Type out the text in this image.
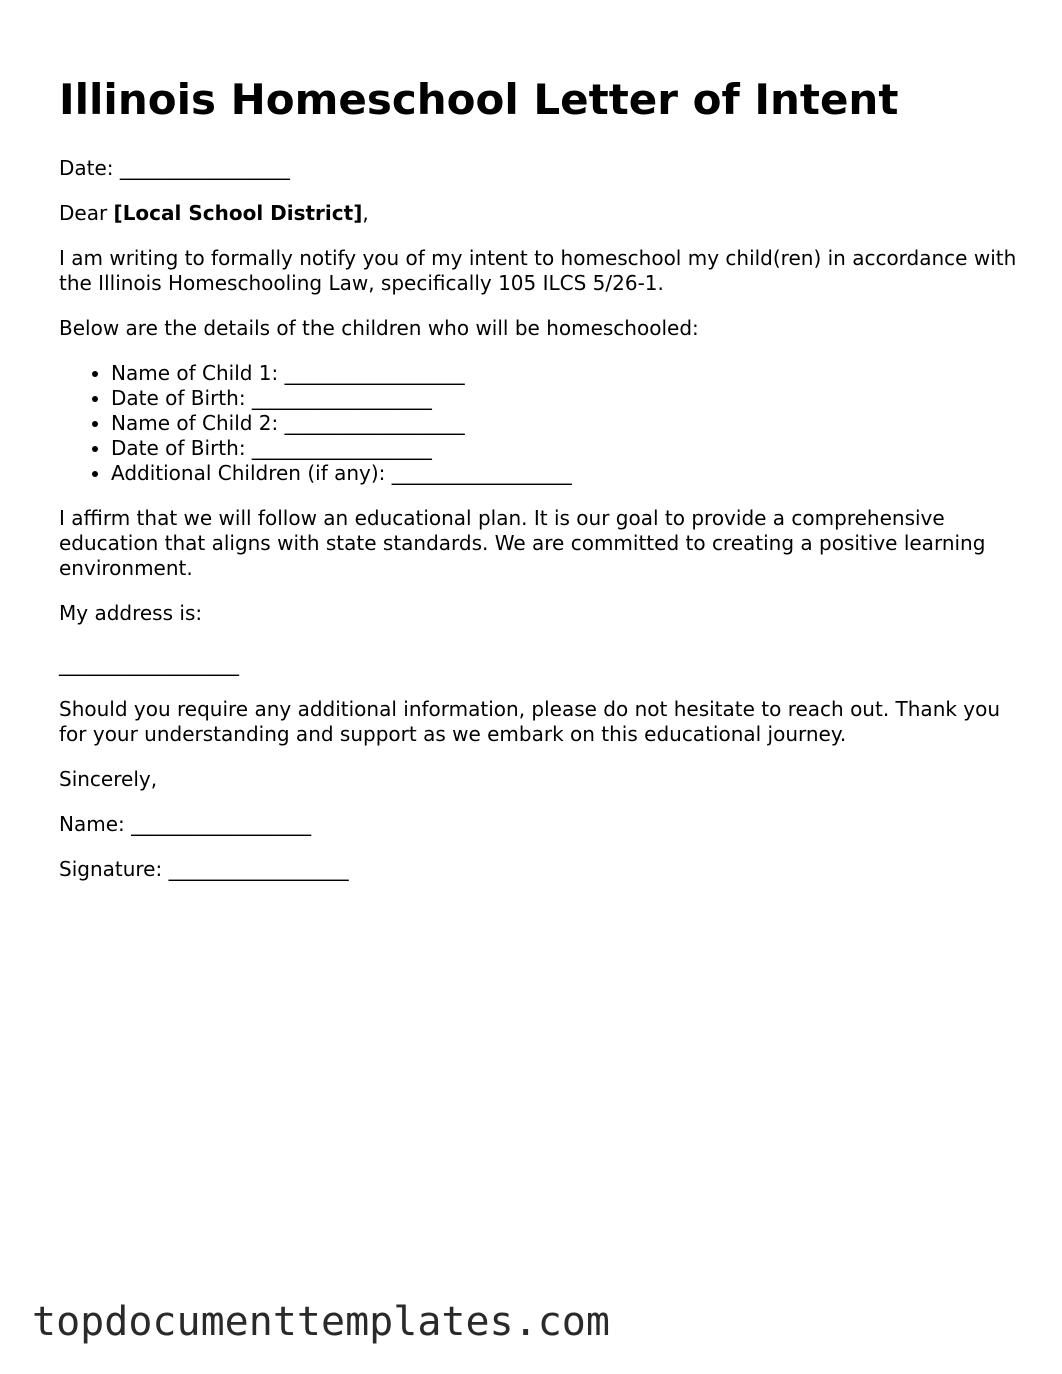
Illinois Homeschool Letter of Intent

Date: _________________

Dear [Local School District],

I am writing to formally notify you of my intent to homeschool my child(ren) in accordance with the Illinois Homeschooling Law, specifically 105 ILCS 5/26-1.

Below are the details of the children who will be homeschooled:

• Name of Child 1: __________________
• Date of Birth: __________________
• Name of Child 2: __________________
• Date of Birth: __________________
• Additional Children (if any): __________________

I affirm that we will follow an educational plan. It is our goal to provide a comprehensive education that aligns with state standards. We are committed to creating a positive learning environment.

My address is:

__________________

Should you require any additional information, please do not hesitate to reach out. Thank you for your understanding and support as we embark on this educational journey.

Sincerely,

Name: __________________

Signature: __________________

topdocumenttemplates.com
